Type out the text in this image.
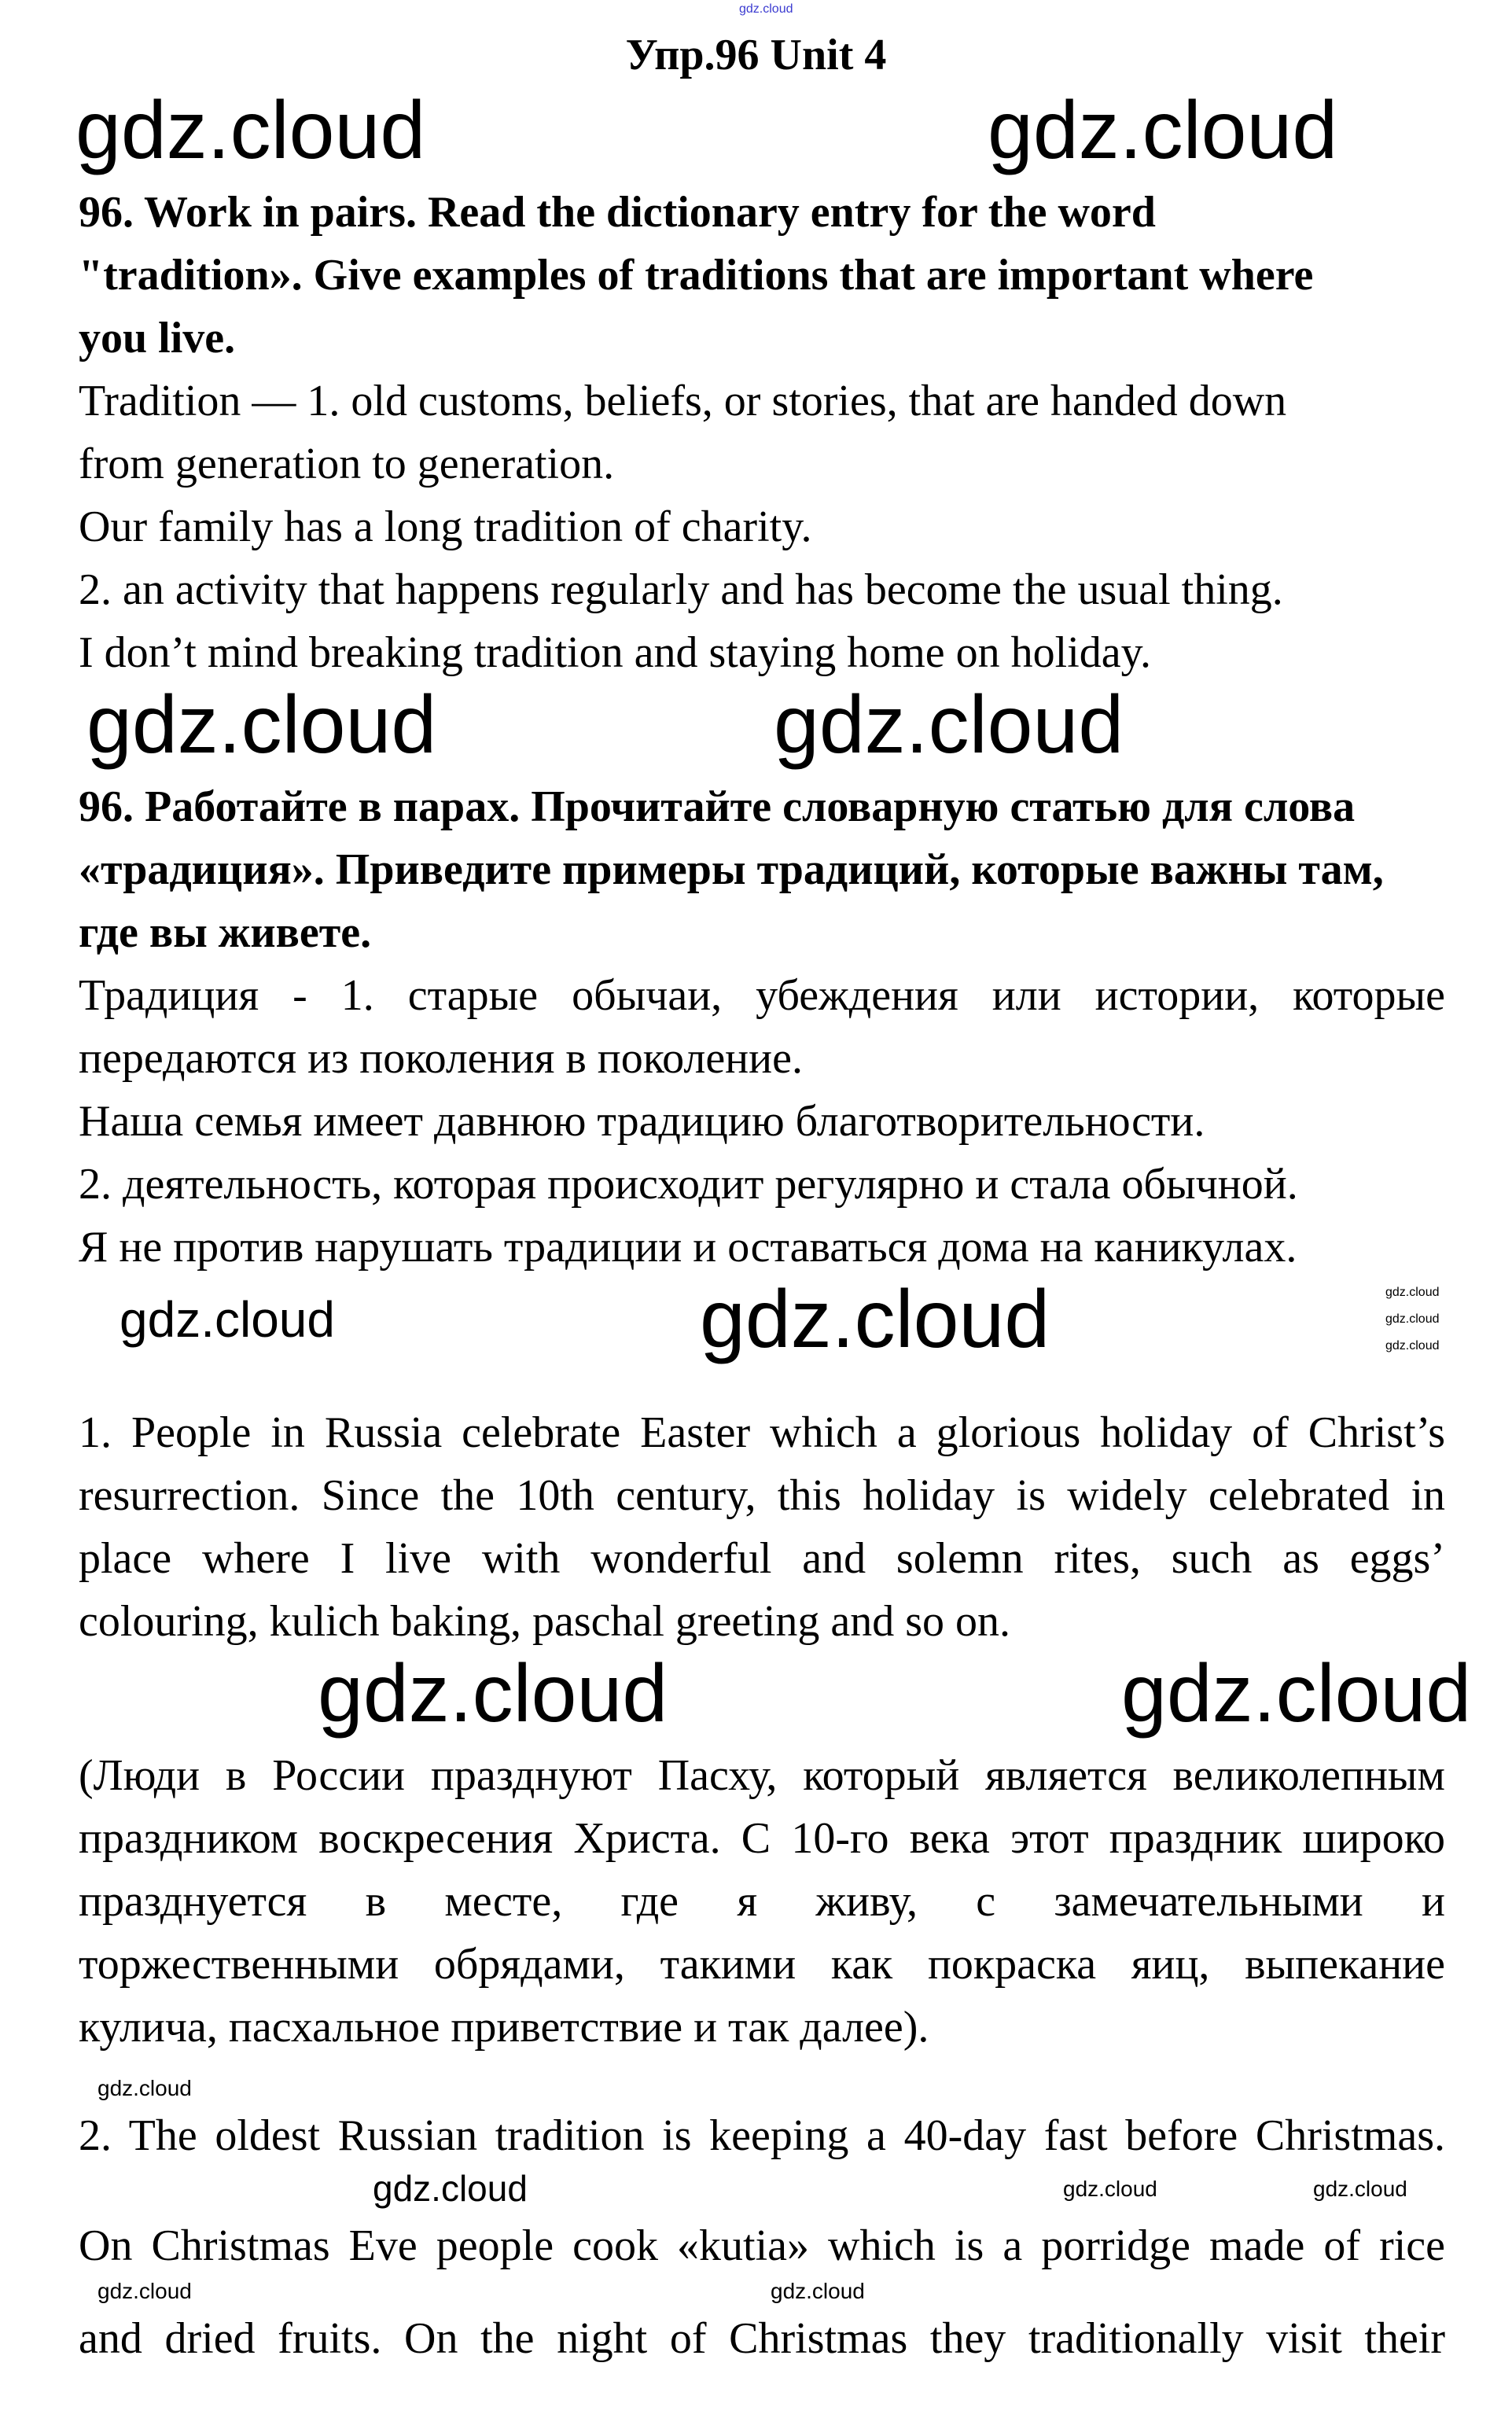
gdz.cloud
Упр.96 Unit 4
gdz.cloud	gdz.cloud
96. Work in pairs. Read the dictionary entry for the word
"tradition». Give examples of traditions that are important where
you live.
Tradition — 1. old customs, beliefs, or stories, that are handed down
from generation to generation.
Our family has a long tradition of charity.
2. an activity that happens regularly and has become the usual thing.
I don’t mind breaking tradition and staying home on holiday.
gdz.cloud	gdz.cloud
96. Работайте в парах. Прочитайте словарную статью для слова
«традиция». Приведите примеры традиций, которые важны там,
где вы живете.
Традиция - 1. старые обычаи, убеждения или истории, которые
передаются из поколения в поколение.
Наша семья имеет давнюю традицию благотворительности.
2. деятельность, которая происходит регулярно и стала обычной.
Я не против нарушать традиции и оставаться дома на каникулах.
gdz.cloud	gdz.cloud	gdz.cloud
gdz.cloud
gdz.cloud
1. People in Russia celebrate Easter which a glorious holiday of Christ’s
resurrection. Since the 10th century, this holiday is widely celebrated in
place where I live with wonderful and solemn rites, such as eggs’
colouring, kulich baking, paschal greeting and so on.
gdz.cloud	gdz.cloud
(Люди в России празднуют Пасху, который является великолепным
праздником воскресения Христа. С 10-го века этот праздник широко
празднуется в месте, где я живу, с замечательными и
торжественными обрядами, такими как покраска яиц, выпекание
кулича, пасхальное приветствие и так далее).
gdz.cloud
2. The oldest Russian tradition is keeping a 40-day fast before Christmas.
gdz.cloud	gdz.cloud	gdz.cloud
On Christmas Eve people cook «kutia» which is a porridge made of rice
gdz.cloud	gdz.cloud
and dried fruits. On the night of Christmas they traditionally visit their
